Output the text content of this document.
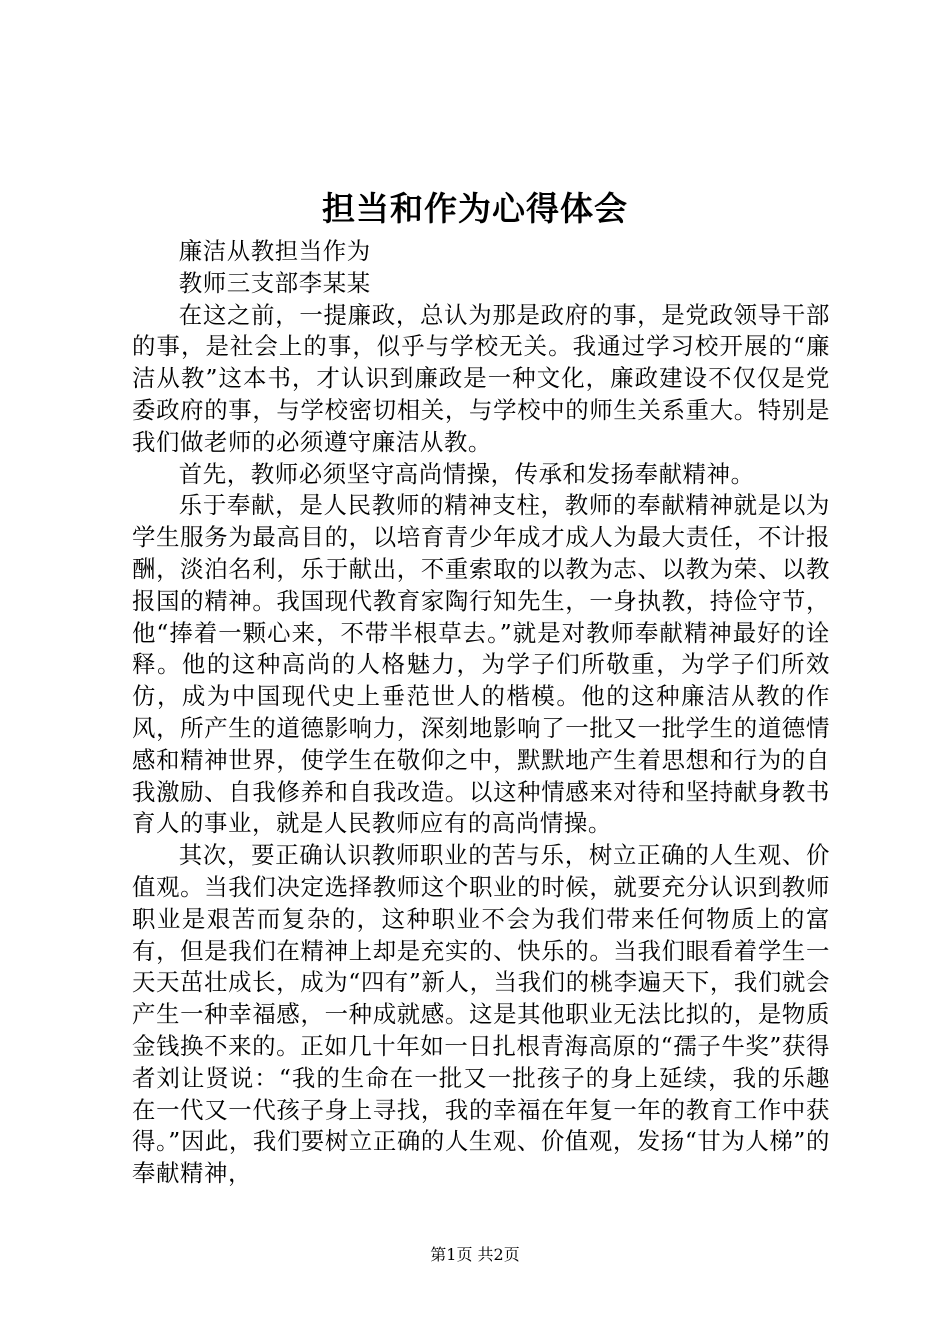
担当和作为心得体会

廉洁从教担当作为

教师三支部李某某

在这之前，一提廉政，总认为那是政府的事，是党政领导干部的事，是社会上的事，似乎与学校无关。我通过学习校开展的“廉洁从教”这本书，才认识到廉政是一种文化，廉政建设不仅仅是党委政府的事，与学校密切相关，与学校中的师生关系重大。特别是我们做老师的必须遵守廉洁从教。

首先，教师必须坚守高尚情操，传承和发扬奉献精神。

乐于奉献，是人民教师的精神支柱，教师的奉献精神就是以为学生服务为最高目的，以培育青少年成才成人为最大责任，不计报酬，淡泊名利，乐于献出，不重索取的以教为志、以教为荣、以教报国的精神。我国现代教育家陶行知先生，一身执教，持俭守节，他“捧着一颗心来，不带半根草去。”就是对教师奉献精神最好的诠释。他的这种高尚的人格魅力，为学子们所敬重，为学子们所效仿，成为中国现代史上垂范世人的楷模。他的这种廉洁从教的作风，所产生的道德影响力，深刻地影响了一批又一批学生的道德情感和精神世界，使学生在敬仰之中，默默地产生着思想和行为的自我激励、自我修养和自我改造。以这种情感来对待和坚持献身教书育人的事业，就是人民教师应有的高尚情操。

其次，要正确认识教师职业的苦与乐，树立正确的人生观、价值观。当我们决定选择教师这个职业的时候，就要充分认识到教师职业是艰苦而复杂的，这种职业不会为我们带来任何物质上的富有，但是我们在精神上却是充实的、快乐的。当我们眼看着学生一天天茁壮成长，成为“四有”新人，当我们的桃李遍天下，我们就会产生一种幸福感，一种成就感。这是其他职业无法比拟的，是物质金钱换不来的。正如几十年如一日扎根青海高原的“孺子牛奖”获得者刘让贤说：“我的生命在一批又一批孩子的身上延续，我的乐趣在一代又一代孩子身上寻找，我的幸福在年复一年的教育工作中获得。”因此，我们要树立正确的人生观、价值观，发扬“甘为人梯”的奉献精神，

第1页 共2页
